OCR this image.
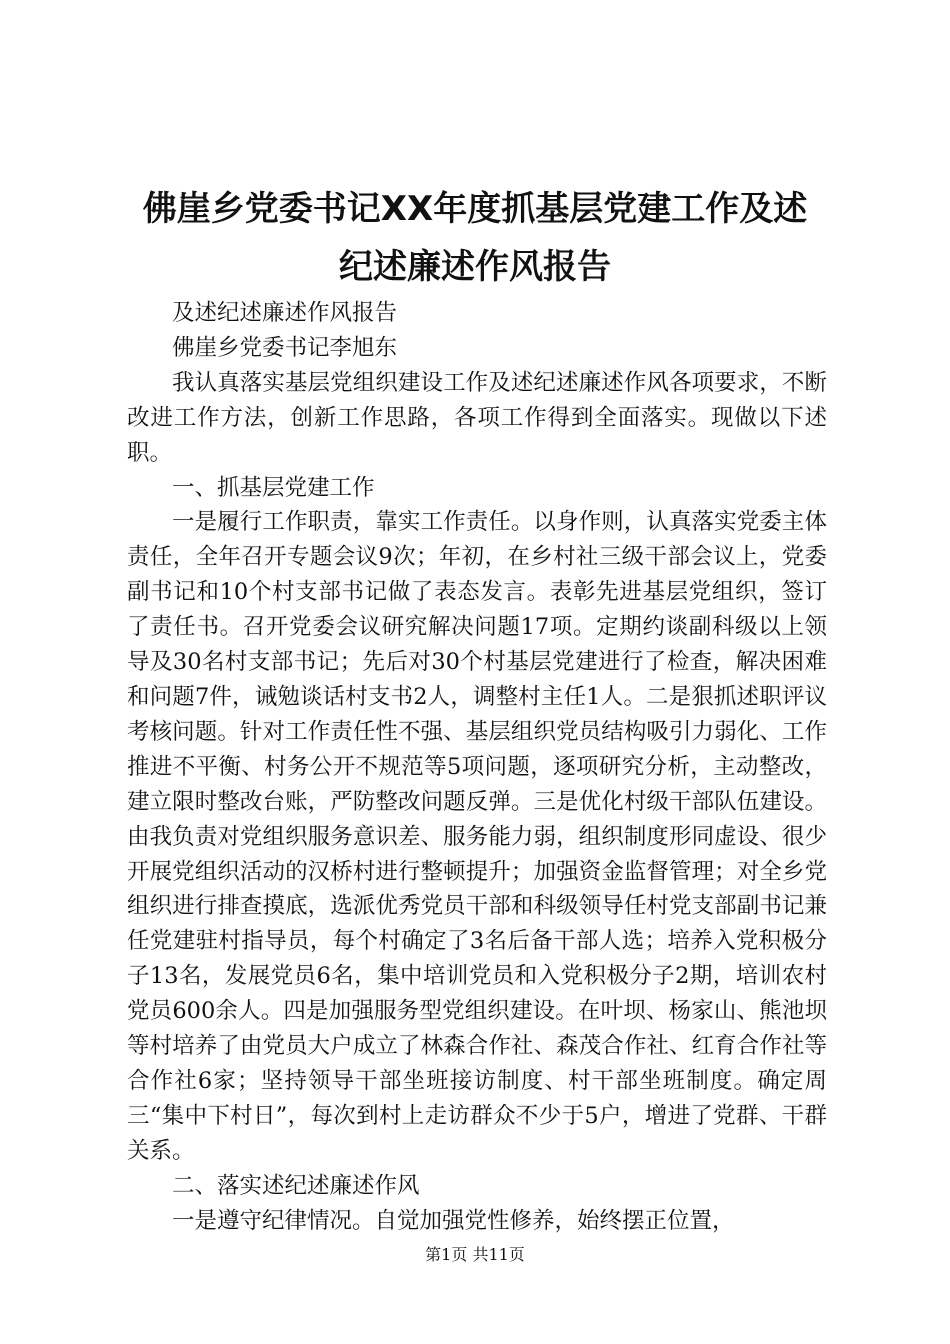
佛崖乡党委书记XX年度抓基层党建工作及述
纪述廉述作风报告

及述纪述廉述作风报告

佛崖乡党委书记李旭东

我认真落实基层党组织建设工作及述纪述廉述作风各项要求，不断改进工作方法，创新工作思路，各项工作得到全面落实。现做以下述职。

一、抓基层党建工作

一是履行工作职责，靠实工作责任。以身作则，认真落实党委主体责任，全年召开专题会议9次；年初，在乡村社三级干部会议上，党委副书记和10个村支部书记做了表态发言。表彰先进基层党组织，签订了责任书。召开党委会议研究解决问题17项。定期约谈副科级以上领导及30名村支部书记；先后对30个村基层党建进行了检查，解决困难和问题7件，诫勉谈话村支书2人，调整村主任1人。二是狠抓述职评议考核问题。针对工作责任性不强、基层组织党员结构吸引力弱化、工作推进不平衡、村务公开不规范等5项问题，逐项研究分析，主动整改，建立限时整改台账，严防整改问题反弹。三是优化村级干部队伍建设。由我负责对党组织服务意识差、服务能力弱，组织制度形同虚设、很少开展党组织活动的汉桥村进行整顿提升；加强资金监督管理；对全乡党组织进行排查摸底，选派优秀党员干部和科级领导任村党支部副书记兼任党建驻村指导员，每个村确定了3名后备干部人选；培养入党积极分子13名，发展党员6名，集中培训党员和入党积极分子2期，培训农村党员600余人。四是加强服务型党组织建设。在叶坝、杨家山、熊池坝等村培养了由党员大户成立了林森合作社、森茂合作社、红育合作社等合作社6家；坚持领导干部坐班接访制度、村干部坐班制度。确定周三“集中下村日”，每次到村上走访群众不少于5户，增进了党群、干群关系。

二、落实述纪述廉述作风

一是遵守纪律情况。自觉加强党性修养，始终摆正位置，

第1页 共11页
